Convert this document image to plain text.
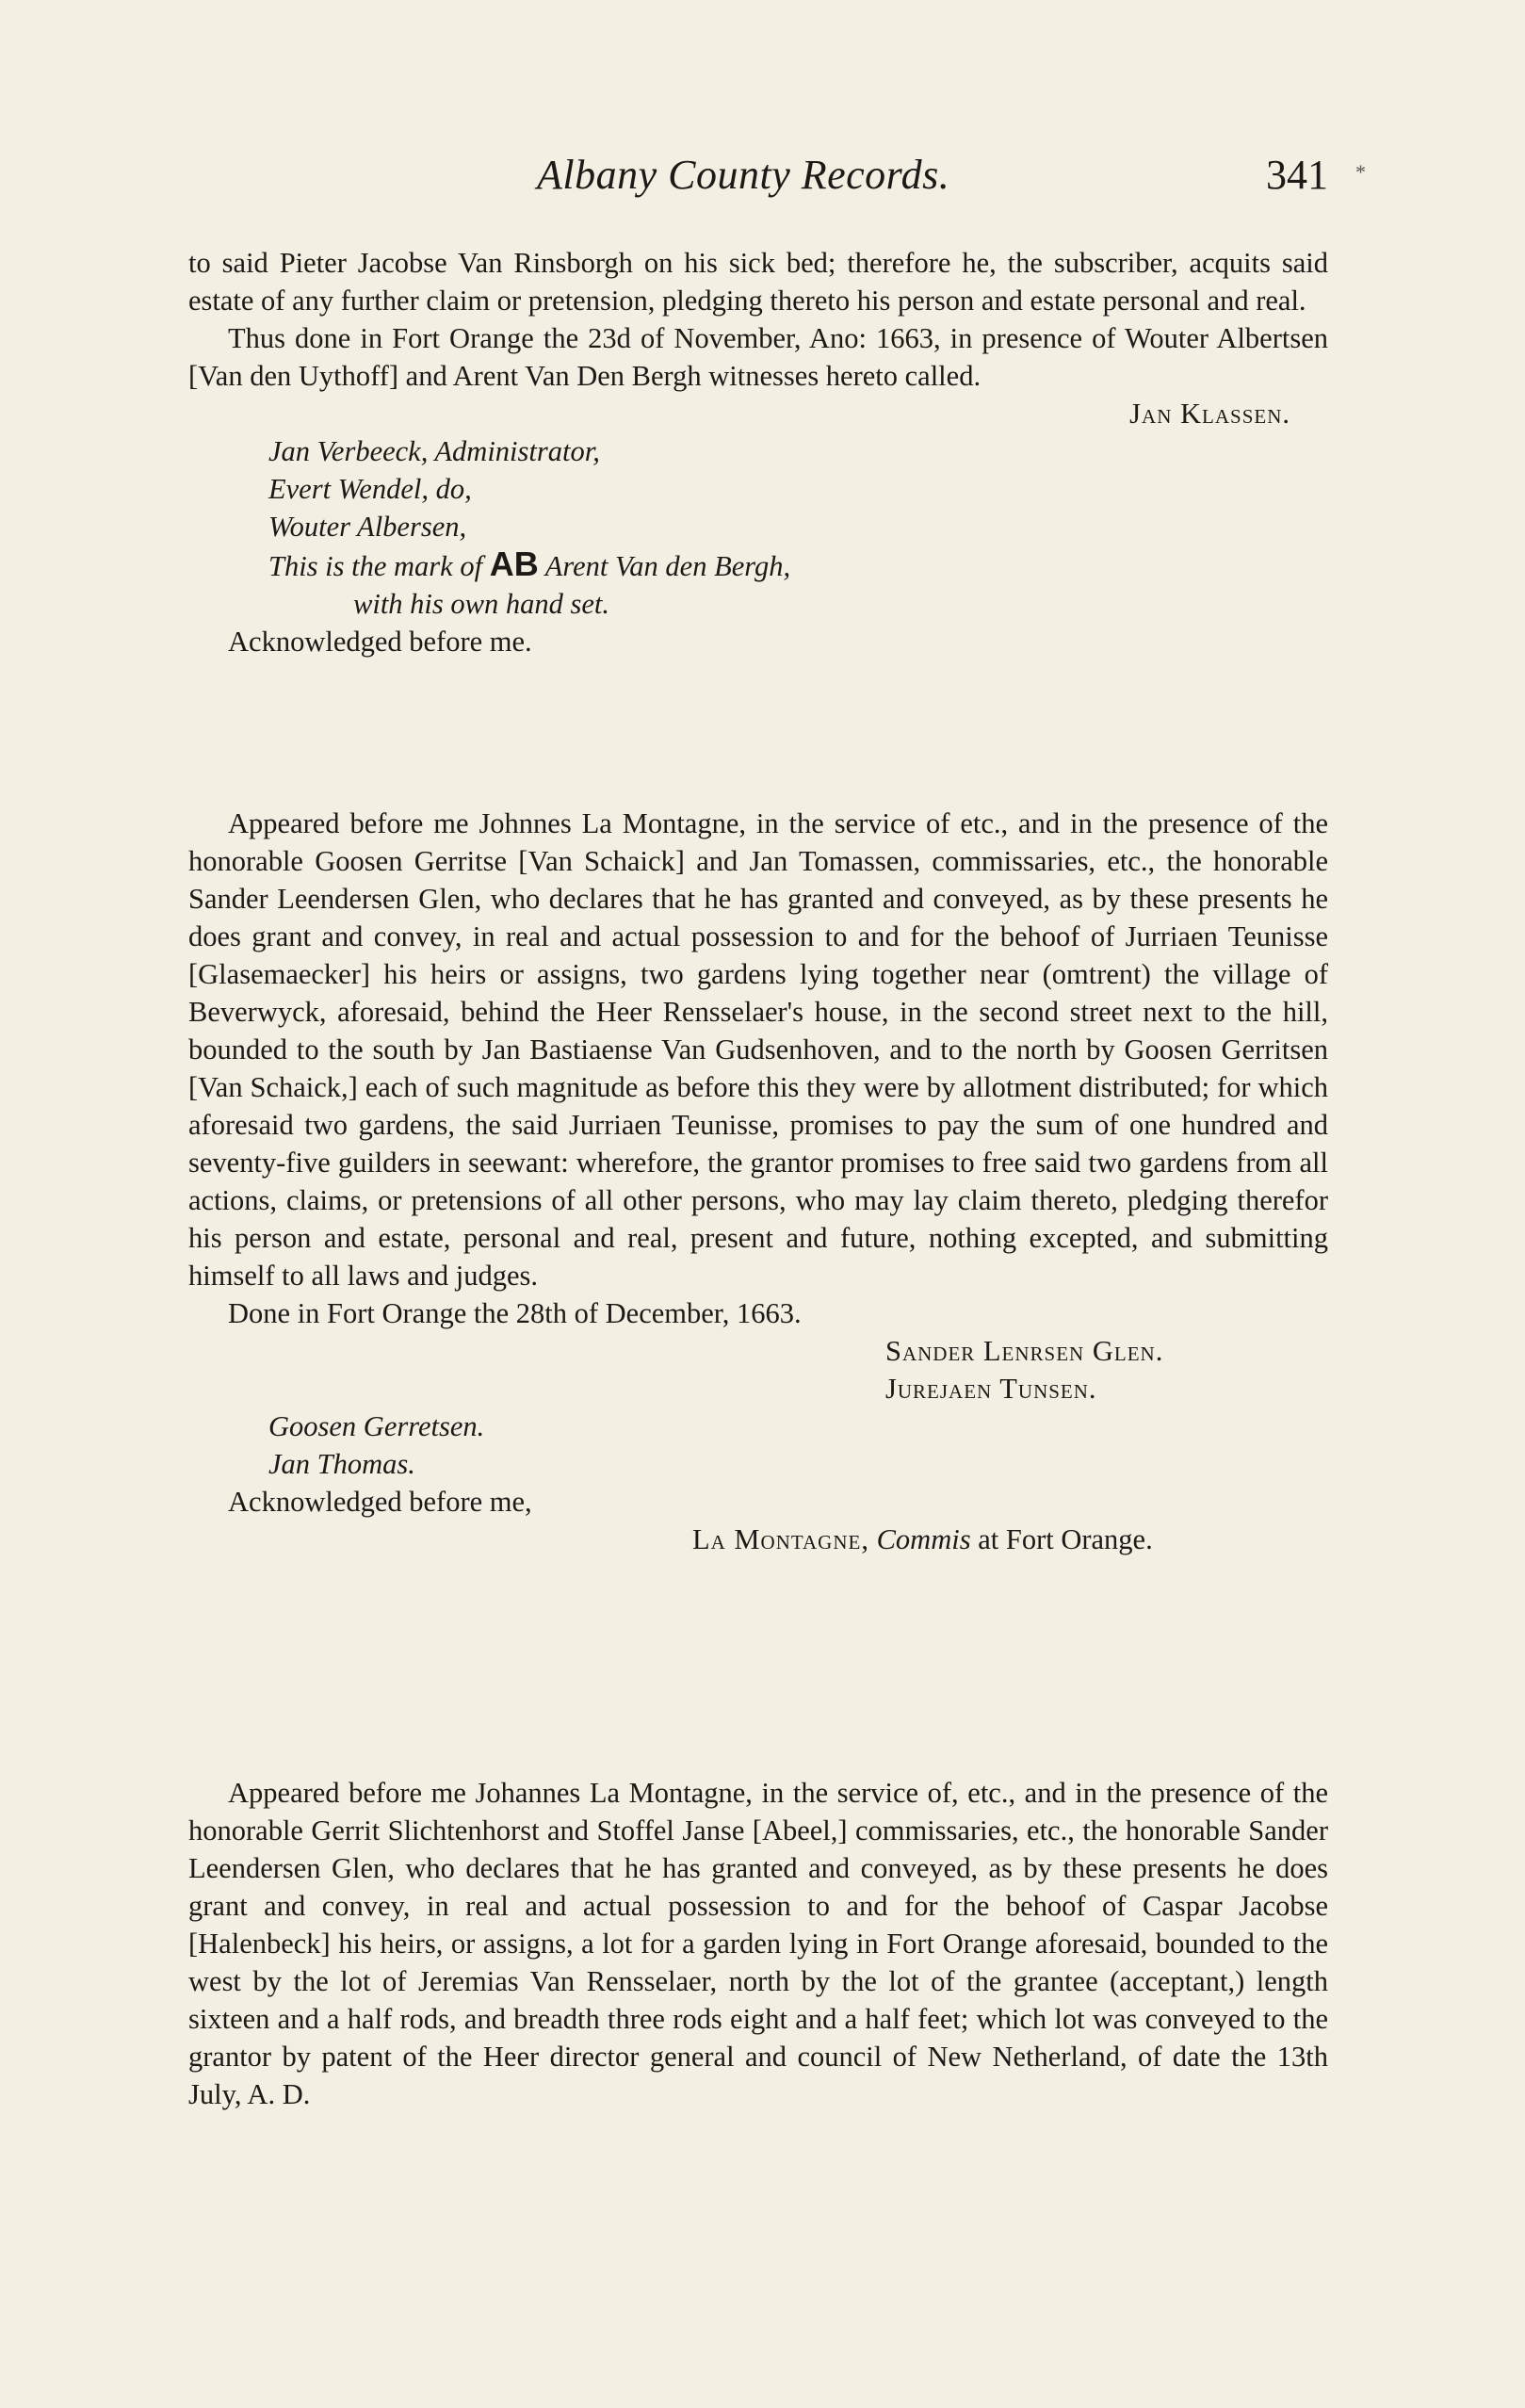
Albany County Records.	341 *

to said Pieter Jacobse Van Rinsborgh on his sick bed; therefore he, the subscriber, acquits said estate of any further claim or pretension, pledging thereto his person and estate personal and real.

Thus done in Fort Orange the 23d of November, Ano: 1663, in presence of Wouter Albertsen [Van den Uythoff] and Arent Van Den Bergh witnesses hereto called.

Jan Klassen.
Jan Verbeeck, Administrator,
Evert Wendel, do,
Wouter Albersen,
This is the mark of AB Arent Van den Bergh,
with his own hand set.
Acknowledged before me.

Appeared before me Johnnes La Montagne, in the service of etc., and in the presence of the honorable Goosen Gerritse [Van Schaick] and Jan Tomassen, commissaries, etc., the honorable Sander Leendersen Glen, who declares that he has granted and conveyed, as by these presents he does grant and convey, in real and actual possession to and for the behoof of Jurriaen Teunisse [Glasemaecker] his heirs or assigns, two gardens lying together near (omtrent) the village of Beverwyck, aforesaid, behind the Heer Rensselaer's house, in the second street next to the hill, bounded to the south by Jan Bastiaense Van Gudsenhoven, and to the north by Goosen Gerritsen [Van Schaick,] each of such magnitude as before this they were by allotment distributed; for which aforesaid two gardens, the said Jurriaen Teunisse, promises to pay the sum of one hundred and seventy-five guilders in seewant: wherefore, the grantor promises to free said two gardens from all actions, claims, or pretensions of all other persons, who may lay claim thereto, pledging therefor his person and estate, personal and real, present and future, nothing excepted, and submitting himself to all laws and judges.

Done in Fort Orange the 28th of December, 1663.

Sander Lenrsen Glen.
Jurejaen Tunsen.
Goosen Gerretsen.
Jan Thomas.
Acknowledged before me,
La Montagne, Commis at Fort Orange.

Appeared before me Johannes La Montagne, in the service of, etc., and in the presence of the honorable Gerrit Slichtenhorst and Stoffel Janse [Abeel,] commissaries, etc., the honorable Sander Leendersen Glen, who declares that he has granted and conveyed, as by these presents he does grant and convey, in real and actual possession to and for the behoof of Caspar Jacobse [Halenbeck] his heirs, or assigns, a lot for a garden lying in Fort Orange aforesaid, bounded to the west by the lot of Jeremias Van Rensselaer, north by the lot of the grantee (acceptant,) length sixteen and a half rods, and breadth three rods eight and a half feet; which lot was conveyed to the grantor by patent of the Heer director general and council of New Netherland, of date the 13th July, A. D.
